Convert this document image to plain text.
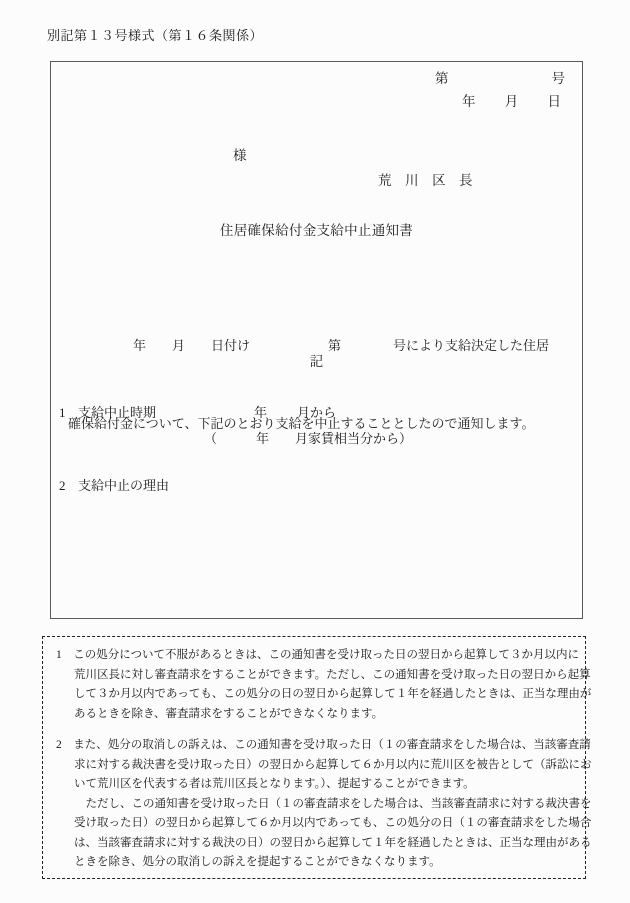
別記第１３号様式（第１６条関係）
第	号
年 月 日
様
荒　川　区　長
住居確保給付金支給中止通知書

　　　　　年　　月　　日付け　　　　　　第　　　　号により支給決定した住居

確保給付金について、下記のとおり支給を中止することとしたので通知します。

記
1 支給中止時期	年 月から
（　　　年　　月家賃相当分から）
2 支給中止の理由
1　この処分について不服があるときは、この通知書を受け取った日の翌日から起算して３か月以内に
荒川区長に対し審査請求をすることができます。ただし、この通知書を受け取った日の翌日から起算
して３か月以内であっても、この処分の日の翌日から起算して１年を経過したときは、正当な理由が
あるときを除き、審査請求をすることができなくなります。
2　また、処分の取消しの訴えは、この通知書を受け取った日（１の審査請求をした場合は、当該審査請
求に対する裁決書を受け取った日）の翌日から起算して６か月以内に荒川区を被告として（訴訟にお
いて荒川区を代表する者は荒川区長となります。）、提起することができます。
　ただし、この通知書を受け取った日（１の審査請求をした場合は、当該審査請求に対する裁決書を
受け取った日）の翌日から起算して６か月以内であっても、この処分の日（１の審査請求をした場合
は、当該審査請求に対する裁決の日）の翌日から起算して１年を経過したときは、正当な理由がある
ときを除き、処分の取消しの訴えを提起することができなくなります。
